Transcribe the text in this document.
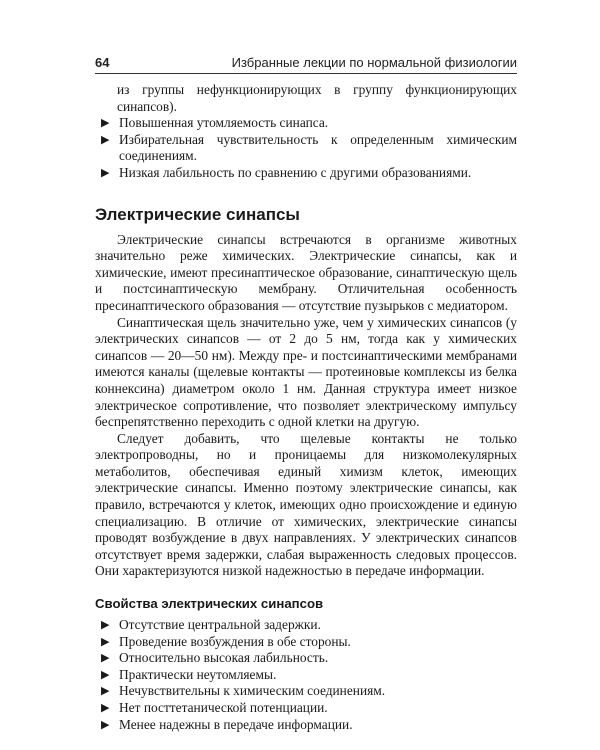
64	Избранные лекции по нормальной физиологии

из группы нефункционирующих в группу функционирующих синапсов).

▶ Повышенная утомляемость синапса.
▶ Избирательная чувствительность к определенным химическим соединениям.
▶ Низкая лабильность по сравнению с другими образованиями.
Электрические синапсы

Электрические синапсы встречаются в организме животных значительно реже химических. Электрические синапсы, как и химические, имеют пресинаптическое образование, синаптическую щель и постсинаптическую мембрану. Отличительная особенность пресинаптического образования — отсутствие пузырьков с медиатором.

Синаптическая щель значительно уже, чем у химических синапсов (у электрических синапсов — от 2 до 5 нм, тогда как у химических синапсов — 20—50 нм). Между пре- и постсинаптическими мембранами имеются каналы (щелевые контакты — протеиновые комплексы из белка коннексина) диаметром около 1 нм. Данная структура имеет низкое электрическое сопротивление, что позволяет электрическому импульсу беспрепятственно переходить с одной клетки на другую.

Следует добавить, что щелевые контакты не только электропроводны, но и проницаемы для низкомолекулярных метаболитов, обеспечивая единый химизм клеток, имеющих электрические синапсы. Именно поэтому электрические синапсы, как правило, встречаются у клеток, имеющих одно происхождение и единую специализацию. В отличие от химических, электрические синапсы проводят возбуждение в двух направлениях. У электрических синапсов отсутствует время задержки, слабая выраженность следовых процессов. Они характеризуются низкой надежностью в передаче информации.

Свойства электрических синапсов
▶ Отсутствие центральной задержки.
▶ Проведение возбуждения в обе стороны.
▶ Относительно высокая лабильность.
▶ Практически неутомляемы.
▶ Нечувствительны к химическим соединениям.
▶ Нет посттетанической потенциации.
▶ Менее надежны в передаче информации.
